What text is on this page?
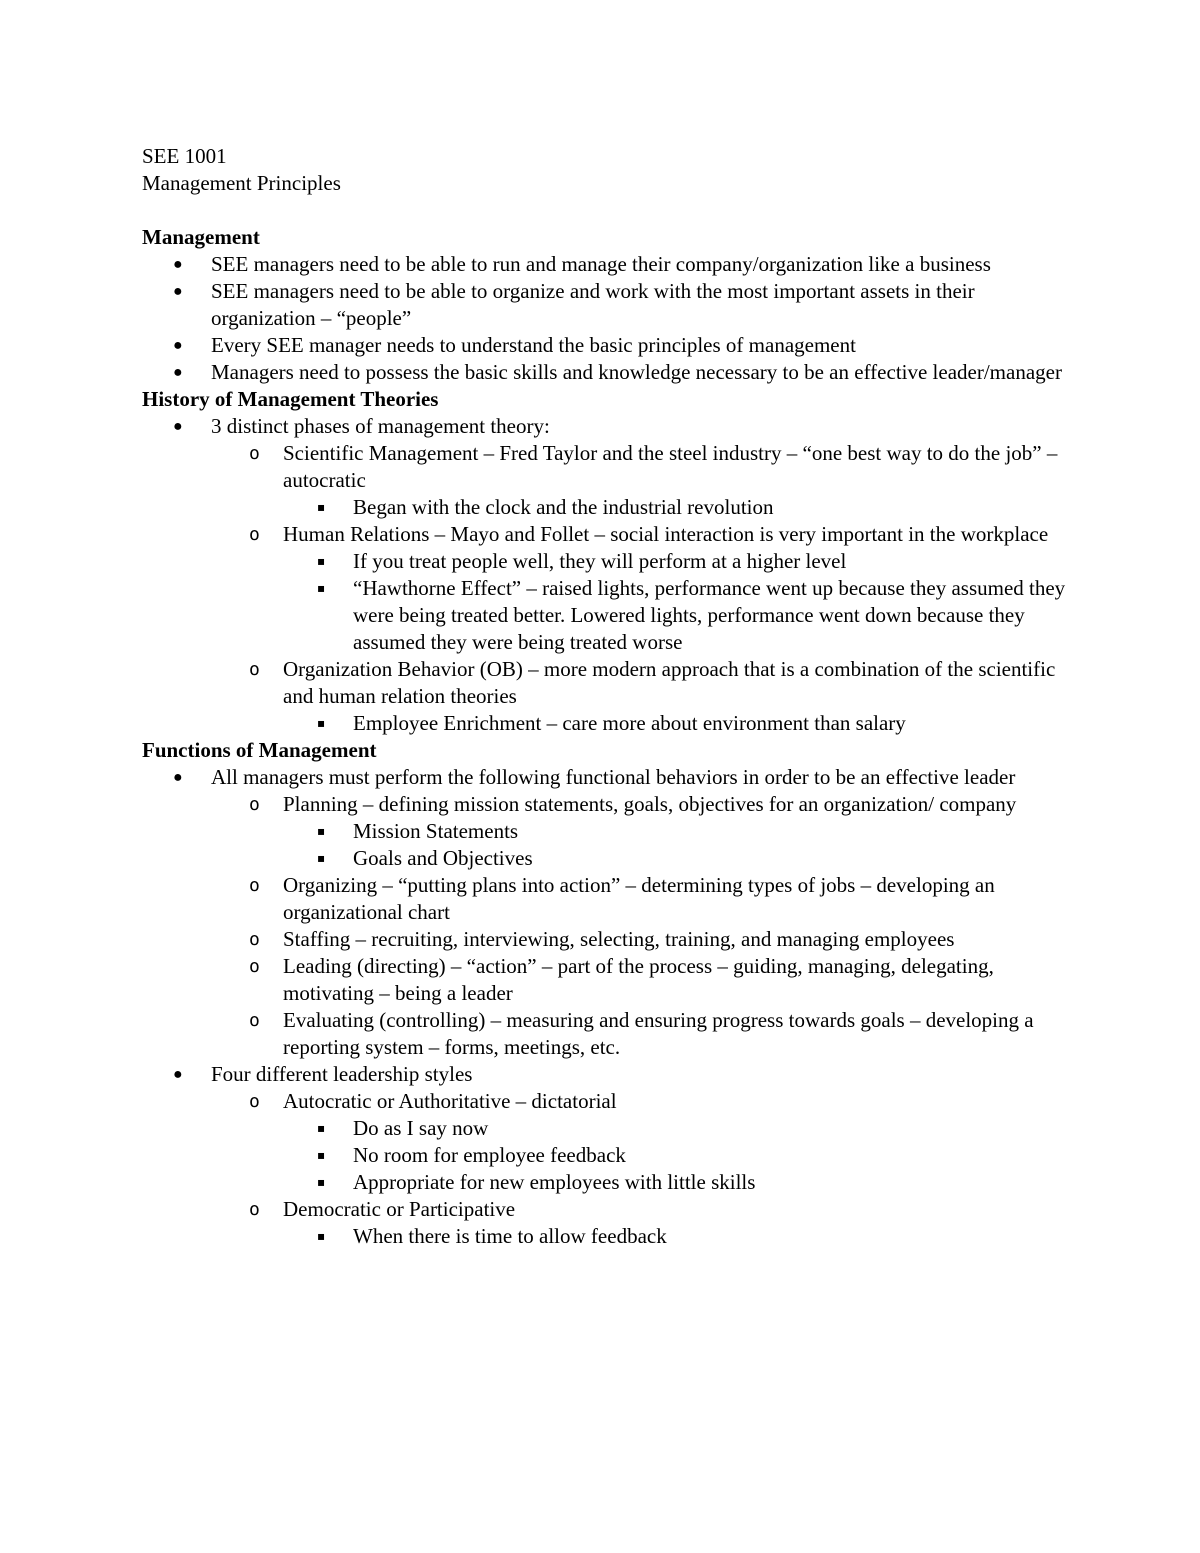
SEE 1001

Management Principles

Management

● SEE managers need to be able to run and manage their company/organization like a business
● SEE managers need to be able to organize and work with the most important assets in their organization – “people”
● Every SEE manager needs to understand the basic principles of management
● Managers need to possess the basic skills and knowledge necessary to be an effective leader/manager

History of Management Theories

● 3 distinct phases of management theory:
o Scientific Management – Fred Taylor and the steel industry – “one best way to do the job” – autocratic
▪ Began with the clock and the industrial revolution
o Human Relations – Mayo and Follet – social interaction is very important in the workplace
▪ If you treat people well, they will perform at a higher level
▪ “Hawthorne Effect” – raised lights, performance went up because they assumed they were being treated better. Lowered lights, performance went down because they assumed they were being treated worse
o Organization Behavior (OB) – more modern approach that is a combination of the scientific and human relation theories
▪ Employee Enrichment – care more about environment than salary

Functions of Management

● All managers must perform the following functional behaviors in order to be an effective leader
o Planning – defining mission statements, goals, objectives for an organization/ company
▪ Mission Statements
▪ Goals and Objectives
o Organizing – “putting plans into action” – determining types of jobs – developing an organizational chart
o Staffing – recruiting, interviewing, selecting, training, and managing employees
o Leading (directing) – “action” – part of the process – guiding, managing, delegating, motivating – being a leader
o Evaluating (controlling) – measuring and ensuring progress towards goals – developing a reporting system – forms, meetings, etc.
● Four different leadership styles
o Autocratic or Authoritative – dictatorial
▪ Do as I say now
▪ No room for employee feedback
▪ Appropriate for new employees with little skills
o Democratic or Participative
▪ When there is time to allow feedback
